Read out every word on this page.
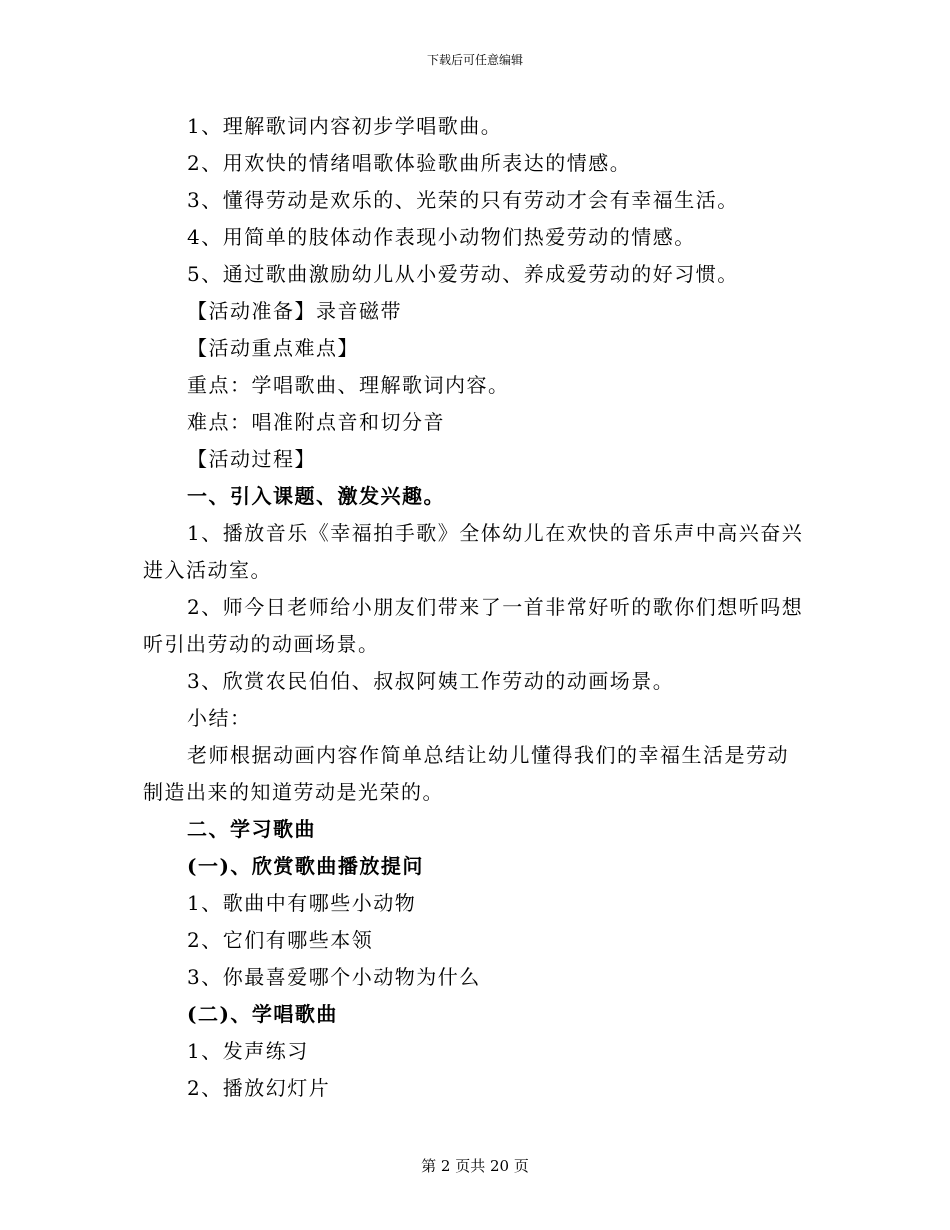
下载后可任意编辑
1、理解歌词内容初步学唱歌曲。
2、用欢快的情绪唱歌体验歌曲所表达的情感。
3、懂得劳动是欢乐的、光荣的只有劳动才会有幸福生活。
4、用简单的肢体动作表现小动物们热爱劳动的情感。
5、通过歌曲激励幼儿从小爱劳动、养成爱劳动的好习惯。
【活动准备】录音磁带
【活动重点难点】
重点：学唱歌曲、理解歌词内容。
难点：唱准附点音和切分音
【活动过程】
一、引入课题、激发兴趣。
1、播放音乐《幸福拍手歌》全体幼儿在欢快的音乐声中高兴奋兴进入活动室。
2、师今日老师给小朋友们带来了一首非常好听的歌你们想听吗想听引出劳动的动画场景。
3、欣赏农民伯伯、叔叔阿姨工作劳动的动画场景。
小结：
老师根据动画内容作简单总结让幼儿懂得我们的幸福生活是劳动制造出来的知道劳动是光荣的。
二、学习歌曲
(一)、欣赏歌曲播放提问
1、歌曲中有哪些小动物
2、它们有哪些本领
3、你最喜爱哪个小动物为什么
(二)、学唱歌曲
1、发声练习
2、播放幻灯片
第 2 页共 20 页
